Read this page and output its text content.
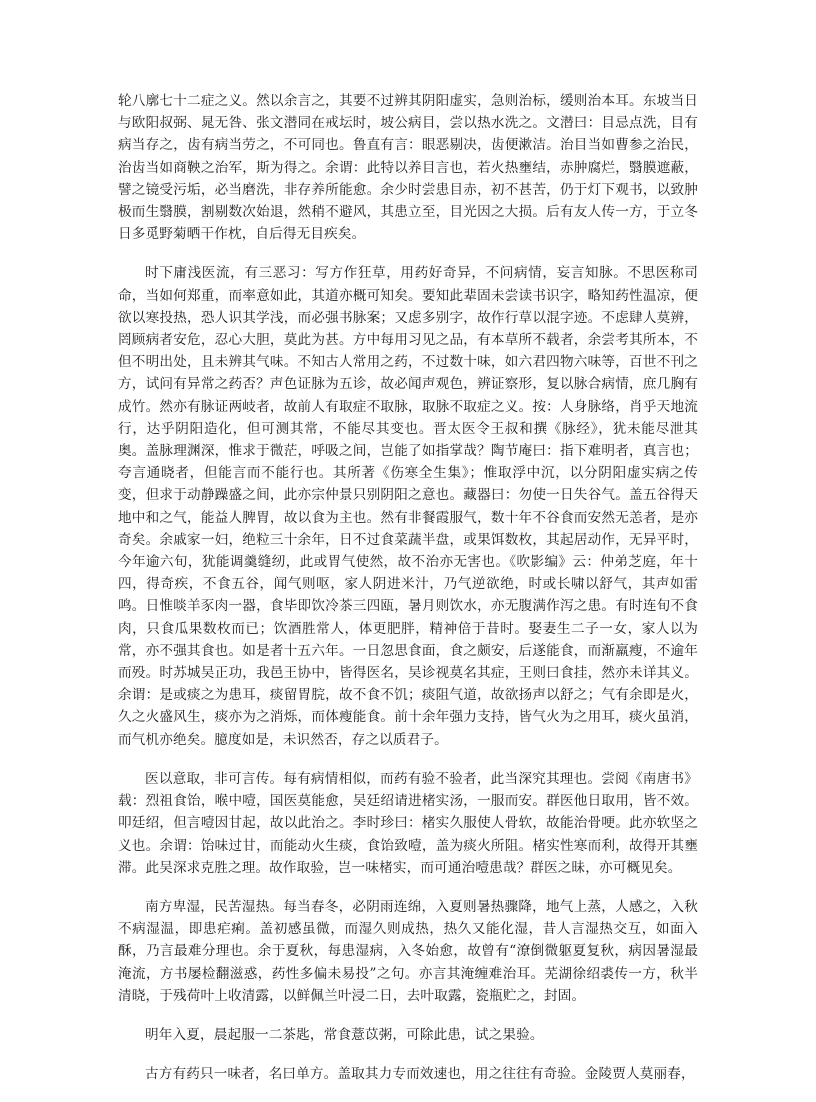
轮八廓七十二症之义。然以余言之，其要不过辨其阴阳虚实，急则治标，缓则治本耳。东坡当日与欧阳叔弼、晁无咎、张文潜同在戒坛时，坡公病目，尝以热水洗之。文潜曰：目忌点洗，目有病当存之，齿有病当劳之，不可同也。鲁直有言：眼恶剔决，齿便漱洁。治目当如曹参之治民，治齿当如商鞅之治军，斯为得之。余谓：此特以养目言也，若火热壅结，赤肿腐烂，翳膜遮蔽，譬之镜受污垢，必当磨洗，非存养所能愈。余少时尝患目赤，初不甚苦，仍于灯下观书，以致肿极而生翳膜，割剔数次始退，然稍不避风，其患立至，目光因之大损。后有友人传一方，于立冬日多觅野菊晒干作枕，自后得无目疾矣。

时下庸浅医流，有三恶习：写方作狂草，用药好奇异，不问病情，妄言知脉。不思医称司命，当如何郑重，而率意如此，其道亦概可知矣。要知此辈固未尝读书识字，略知药性温凉，便欲以寒投热，恐人识其学浅，而必强书脉案；又虑多别字，故作行草以混字迹。不虑肆人莫辨，罔顾病者安危，忍心大胆，莫此为甚。方中每用习见之品，有本草所不载者，余尝考其所本，不但不明出处，且未辨其气味。不知古人常用之药，不过数十味，如六君四物六味等，百世不刊之方，试问有异常之药否？声色证脉为五诊，故必闻声观色，辨证察形，复以脉合病情，庶几胸有成竹。然亦有脉证两岐者，故前人有取症不取脉，取脉不取症之义。按：人身脉络，肖乎天地流行，达乎阴阳造化，但可测其常，不能尽其变也。晋太医令王叔和撰《脉经》，犹未能尽泄其奥。盖脉理渊深，惟求于微茫，呼吸之间，岂能了如指掌哉？陶节庵曰：指下难明者，真言也；夸言通晓者，但能言而不能行也。其所著《伤寒全生集》；惟取浮中沉，以分阴阳虚实病之传变，但求于动静躁盛之间，此亦宗仲景只别阴阳之意也。藏器曰：勿使一日失谷气。盖五谷得天地中和之气，能益人脾胃，故以食为主也。然有非餐霞服气，数十年不谷食而安然无恙者，是亦奇矣。余戚家一妇，绝粒三十余年，日不过食菜蔬半盘，或果饵数枚，其起居动作，无异平时，今年逾六旬，犹能调羹缝纫，此或胃气使然，故不治亦无害也。《吹影编》云：仲弟芝庭，年十四，得奇疾，不食五谷，闻气则呕，家人阴进米汁，乃气逆欲绝，时或长啸以舒气，其声如雷鸣。日惟啖羊豕肉一器，食毕即饮冷茶三四瓯，暑月则饮水，亦无腹满作泻之患。有时连旬不食肉，只食瓜果数枚而已；饮酒胜常人，体更肥胖，精神倍于昔时。娶妻生二子一女，家人以为常，亦不强其食也。如是者十五六年。一日忽思食面，食之颇安，后遂能食，而渐羸瘦，不逾年而殁。时苏城吴正功，我邑王协中，皆得医名，吴诊视莫名其症，王则曰食挂，然亦未详其义。余谓：是或痰之为患耳，痰留胃脘，故不食不饥；痰阻气道，故欲扬声以舒之；气有余即是火，久之火盛风生，痰亦为之消烁，而体瘦能食。前十余年强力支持，皆气火为之用耳，痰火虽消，而气机亦绝矣。臆度如是，未识然否，存之以质君子。

医以意取，非可言传。每有病情相似，而药有验不验者，此当深究其理也。尝阅《南唐书》载：烈祖食饴，喉中噎，国医莫能愈，吴廷绍请进楮实汤，一服而安。群医他日取用，皆不效。叩廷绍，但言噎因甘起，故以此治之。李时珍曰：楮实久服使人骨软，故能治骨哽。此亦软坚之义也。余谓：饴味过甘，而能动火生痰，食饴致噎，盖为痰火所阻。楮实性寒而利，故得开其壅滞。此吴深求克胜之理。故作取验，岂一味楮实，而可通治噎患哉？群医之昧，亦可概见矣。

南方卑湿，民苦湿热。每当春冬，必阴雨连绵，入夏则暑热骤降，地气上蒸，人感之，入秋不病湿温，即患疟痢。盖初感虽微，而湿久则成热，热久又能化湿，昔人言湿热交互，如面入酥，乃言最难分理也。余于夏秋，每患湿病，入冬始愈，故曾有“潦倒微躯夏复秋，病因暑湿最淹流，方书屡检翻滋惑，药性多偏未易投”之句。亦言其淹缠难治耳。芜湖徐绍裘传一方，秋半清晓，于残荷叶上收清露，以鲜佩兰叶浸二日，去叶取露，瓷瓶贮之，封固。

明年入夏，晨起服一二茶匙，常食薏苡粥，可除此患，试之果验。

古方有药只一味者，名曰单方。盖取其力专而效速也，用之往往有奇验。金陵贾人莫丽春，
